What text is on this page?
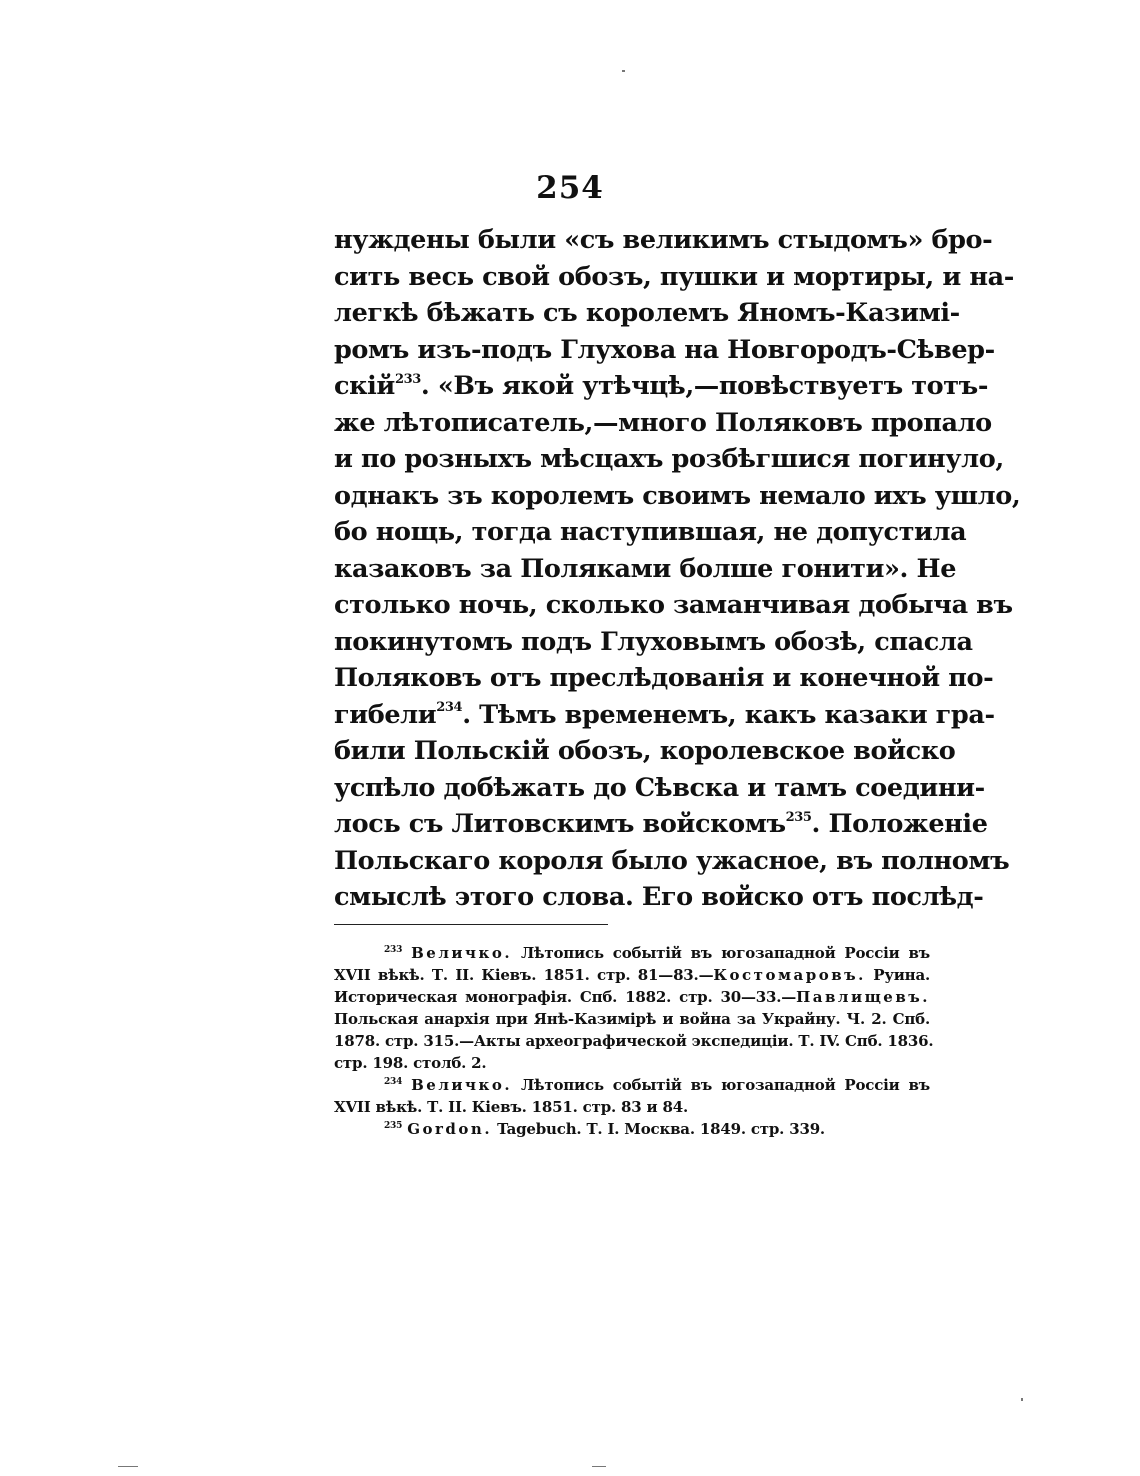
254
нуждены были «съ великимъ стыдомъ» бро-
сить весь свой обозъ, пушки и мортиры, и на-
легкѣ бѣжать съ королемъ Яномъ-Казимі-
ромъ изъ-подъ Глухова на Новгородъ-Сѣвер-
скій$^{233}$. «Въ якой утѣчцѣ,—повѣствуетъ тотъ-
же лѣтописатель,—много Поляковъ пропало
и по розныхъ мѣсцахъ розбѣгшися погинуло,
однакъ зъ королемъ своимъ немало ихъ ушло,
бо нощь, тогда наступившая, не допустила
казаковъ за Поляками болше гонити». Не
столько ночь, сколько заманчивая добыча въ
покинутомъ подъ Глуховымъ обозѣ, спасла
Поляковъ отъ преслѣдованія и конечной по-
гибели$^{234}$. Тѣмъ временемъ, какъ казаки гра-
били Польскій обозъ, королевское войско
успѣло добѣжать до Сѣвска и тамъ соедини-
лось съ Литовскимъ войскомъ$^{235}$. Положеніе
Польскаго короля было ужасное, въ полномъ
смыслѣ этого слова. Его войско отъ послѣд-
$^{233}$ Величко. Лѣтопись событій въ югозападной Россіи въ
XVII вѣкѣ. Т. II. Кіевъ. 1851. стр. 81—83.—Костомаровъ. Руина.
Историческая монографія. Спб. 1882. стр. 30—33.—Павлищевъ.
Польская анархія при Янѣ-Казимірѣ и война за Украйну. Ч. 2. Спб.
1878. стр. 315.—Акты археографической экспедиціи. Т. IV. Спб. 1836.
стр. 198. столб. 2.
$^{234}$ Величко. Лѣтопись событій въ югозападной Россіи въ
XVII вѣкѣ. Т. II. Кіевъ. 1851. стр. 83 и 84.
$^{235}$ Gordon. Tagebuch. Т. I. Москва. 1849. стр. 339.
